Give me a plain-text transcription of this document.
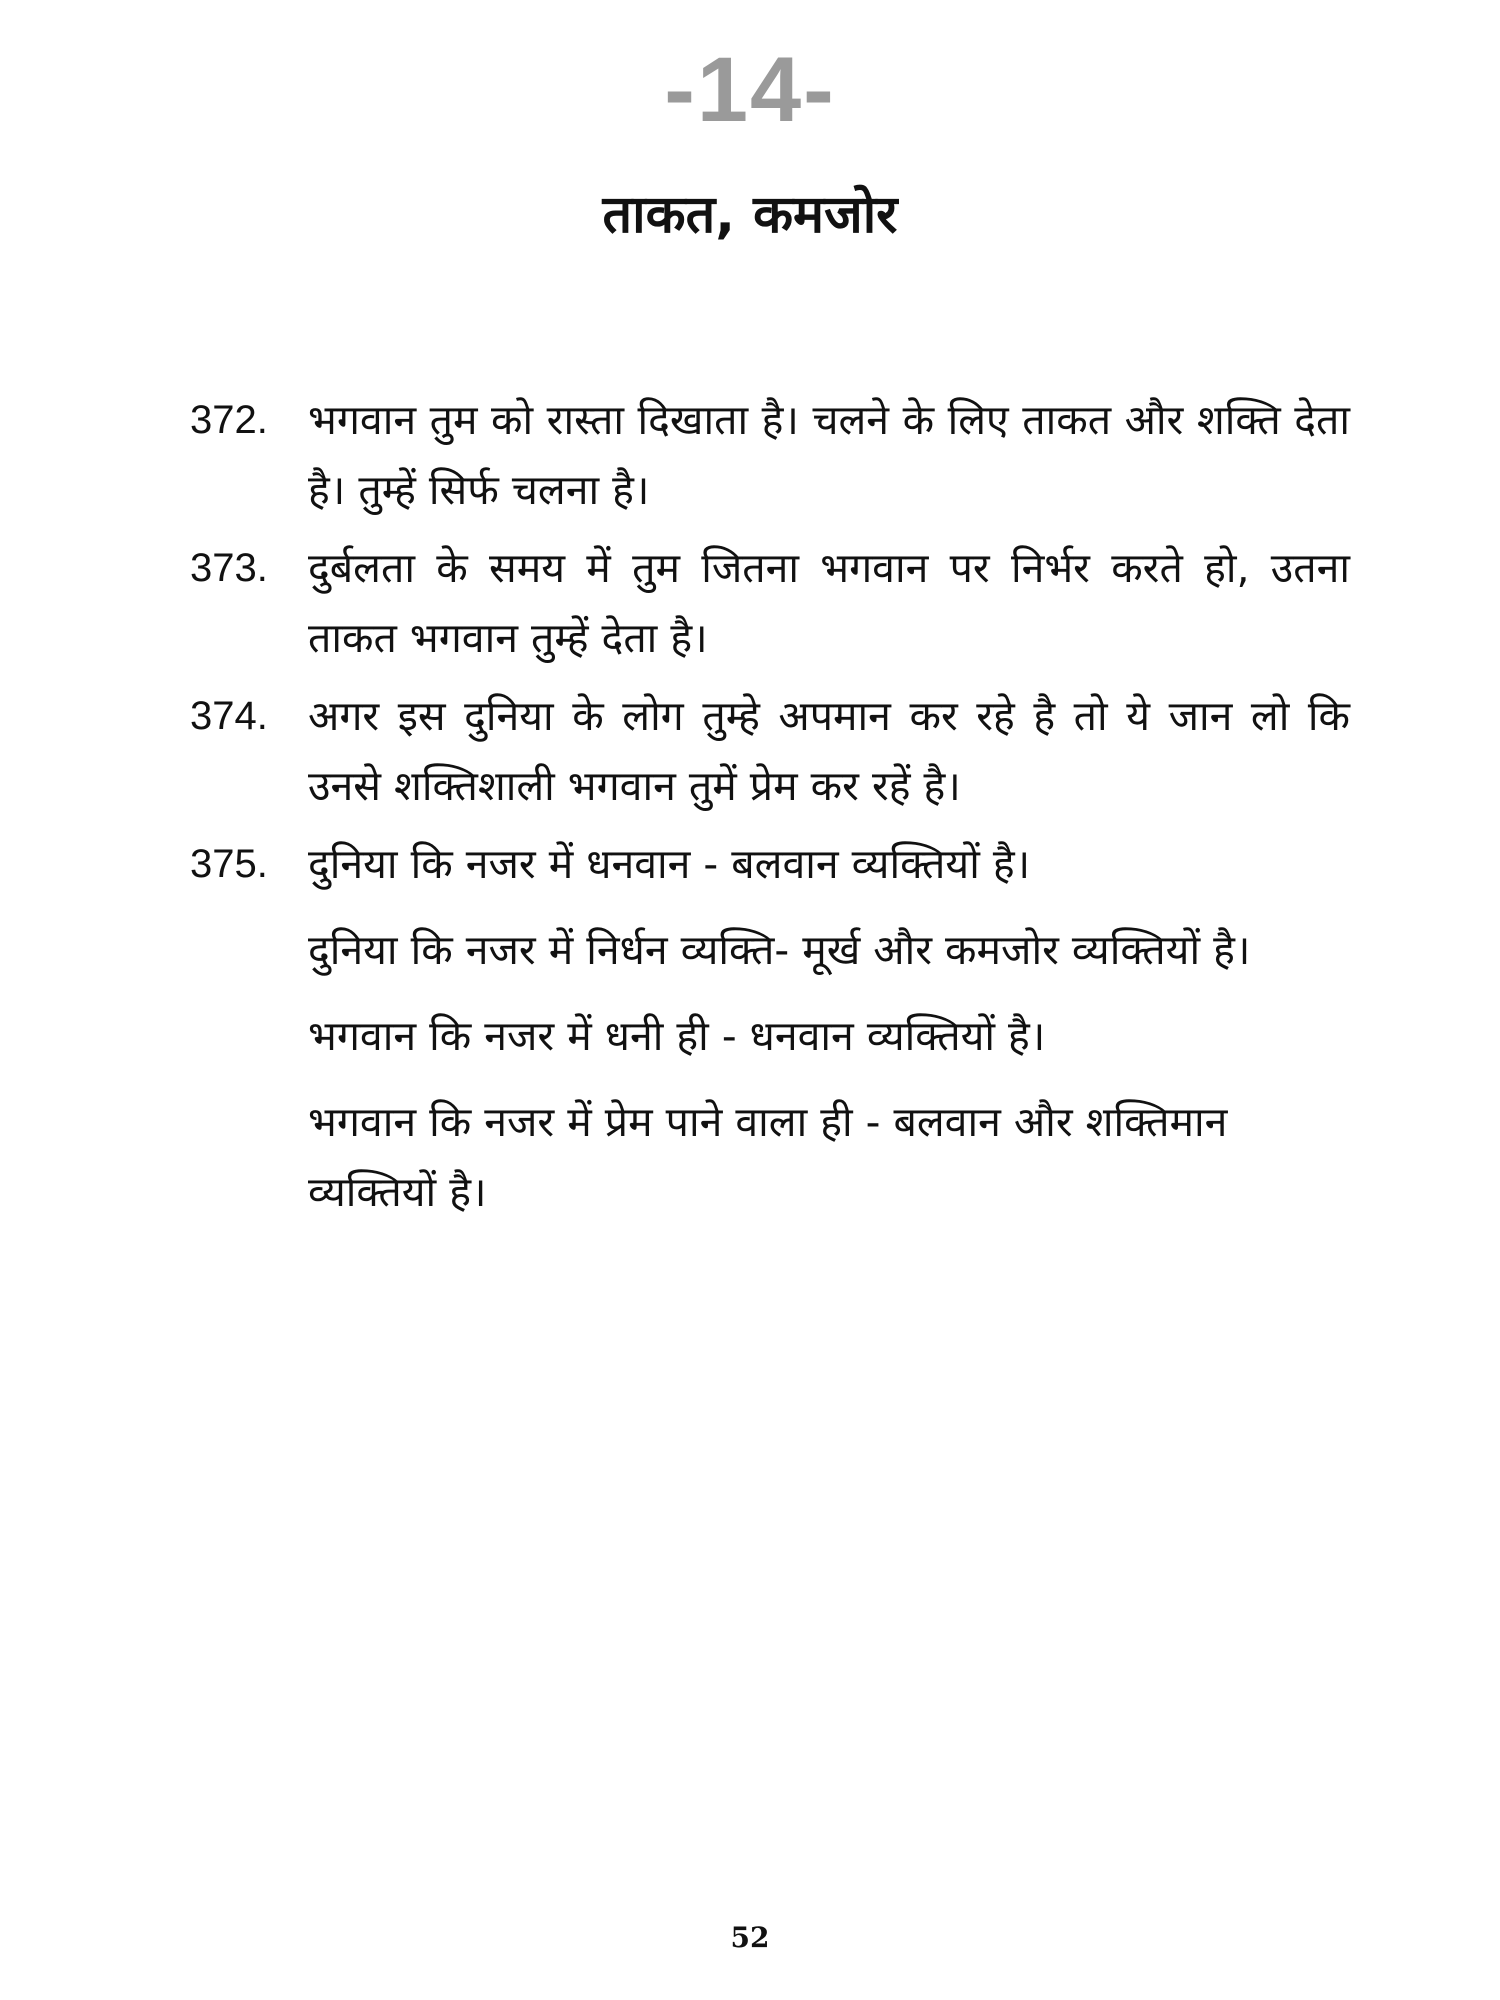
-14-
ताकत, कमजोर
372. भगवान तुम को रास्ता दिखाता है। चलने के लिए ताकत और शक्ति देता है। तुम्हें सिर्फ चलना है।
373. दुर्बलता के समय में तुम जितना भगवान पर निर्भर करते हो, उतना ताकत भगवान तुम्हें देता है।
374. अगर इस दुनिया के लोग तुम्हे अपमान कर रहे है तो ये जान लो कि उनसे शक्तिशाली भगवान तुमें प्रेम कर रहें है।
375. दुनिया कि नजर में धनवान - बलवान व्यक्तियों है।
दुनिया कि नजर में निर्धन व्यक्ति- मूर्ख और कमजोर व्यक्तियों है।
भगवान कि नजर में धनी ही - धनवान व्यक्तियों है।
भगवान कि नजर में प्रेम पाने वाला ही - बलवान और शक्तिमान व्यक्तियों है।
52
